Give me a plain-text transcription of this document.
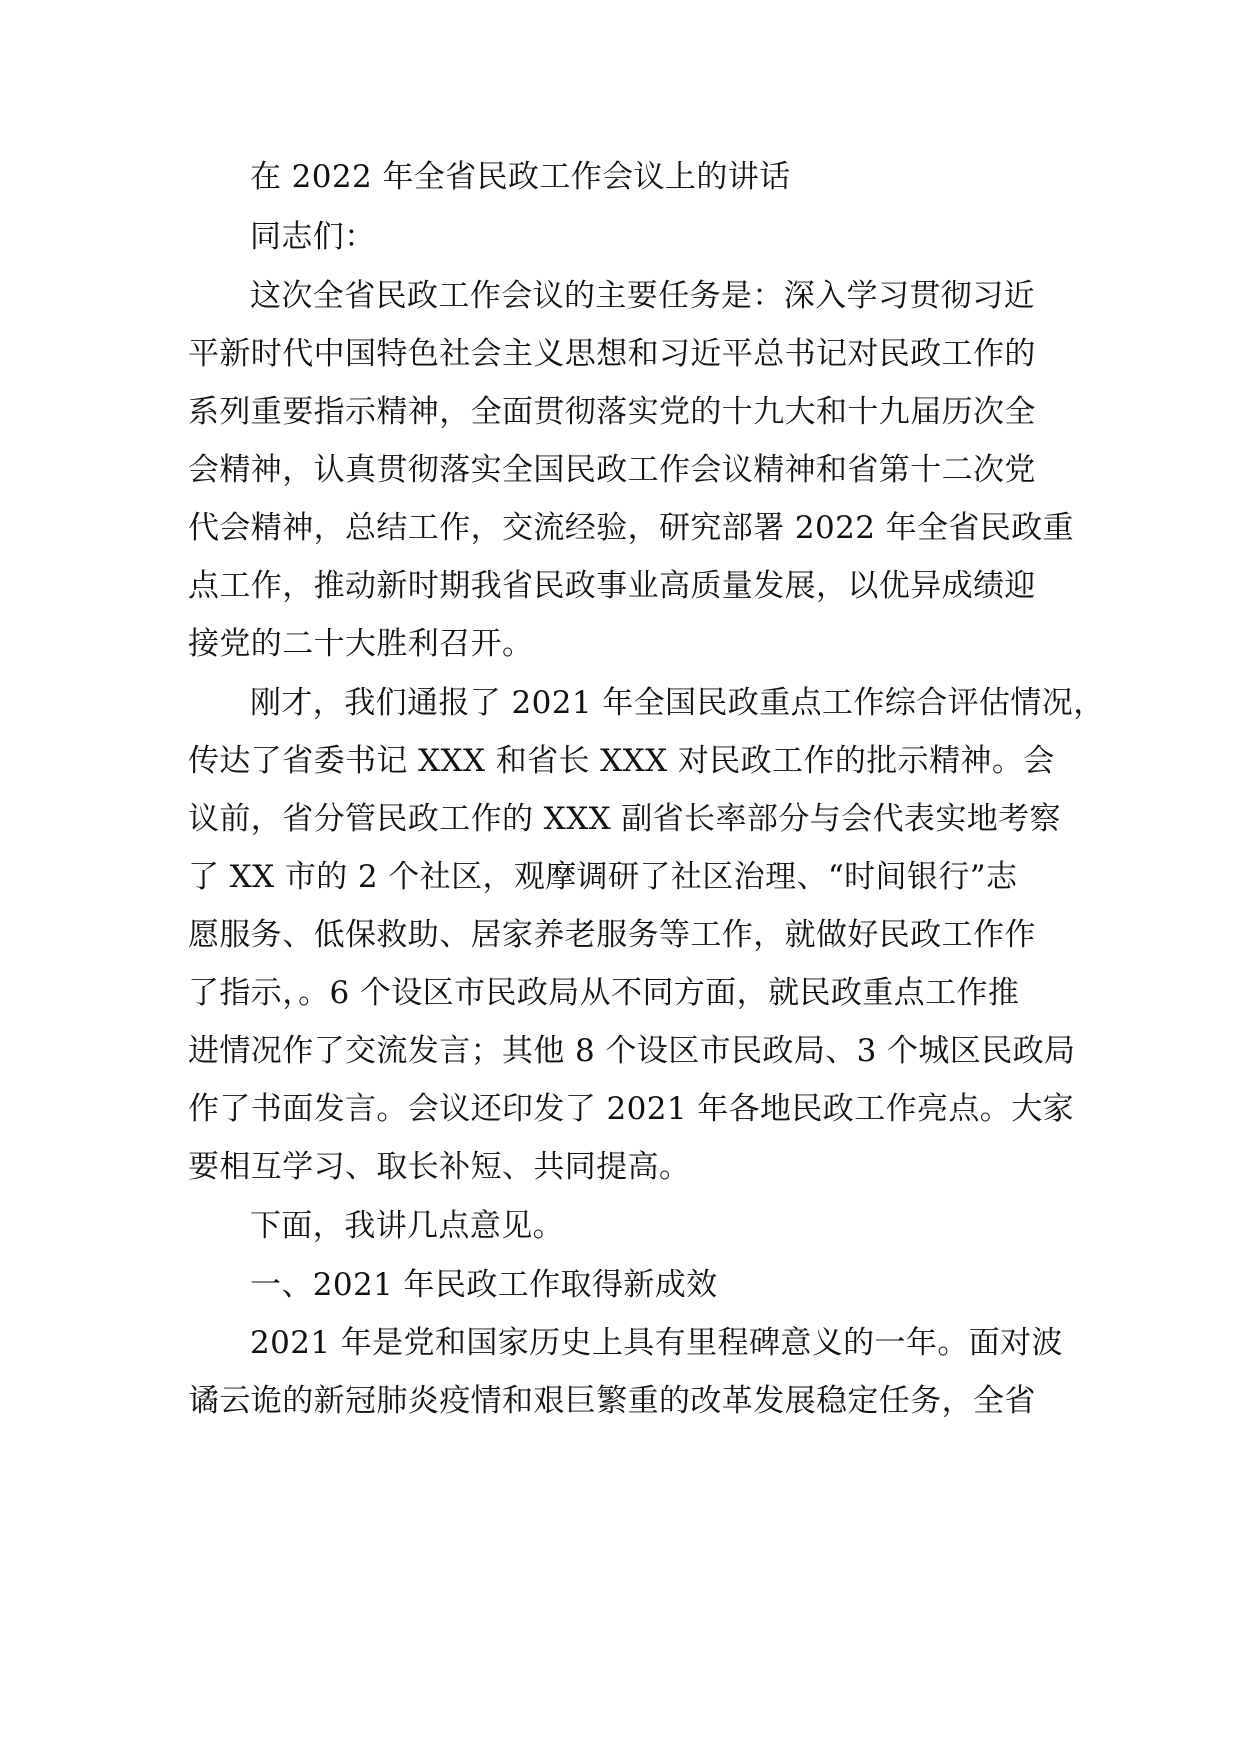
在 2022 年全省民政工作会议上的讲话
同志们：
这次全省民政工作会议的主要任务是：深入学习贯彻习近
平新时代中国特色社会主义思想和习近平总书记对民政工作的
系列重要指示精神，全面贯彻落实党的十九大和十九届历次全
会精神，认真贯彻落实全国民政工作会议精神和省第十二次党
代会精神，总结工作，交流经验，研究部署 2022 年全省民政重
点工作，推动新时期我省民政事业高质量发展，以优异成绩迎
接党的二十大胜利召开。
刚才，我们通报了 2021 年全国民政重点工作综合评估情况，
传达了省委书记 XXX 和省长 XXX 对民政工作的批示精神。会
议前，省分管民政工作的 XXX 副省长率部分与会代表实地考察
了 XX 市的 2 个社区，观摩调研了社区治理、“时间银行”志
愿服务、低保救助、居家养老服务等工作，就做好民政工作作
了指示，。6 个设区市民政局从不同方面，就民政重点工作推
进情况作了交流发言；其他 8 个设区市民政局、3 个城区民政局
作了书面发言。会议还印发了 2021 年各地民政工作亮点。大家
要相互学习、取长补短、共同提高。
下面，我讲几点意见。
一、2021 年民政工作取得新成效
2021 年是党和国家历史上具有里程碑意义的一年。面对波
谲云诡的新冠肺炎疫情和艰巨繁重的改革发展稳定任务，全省
